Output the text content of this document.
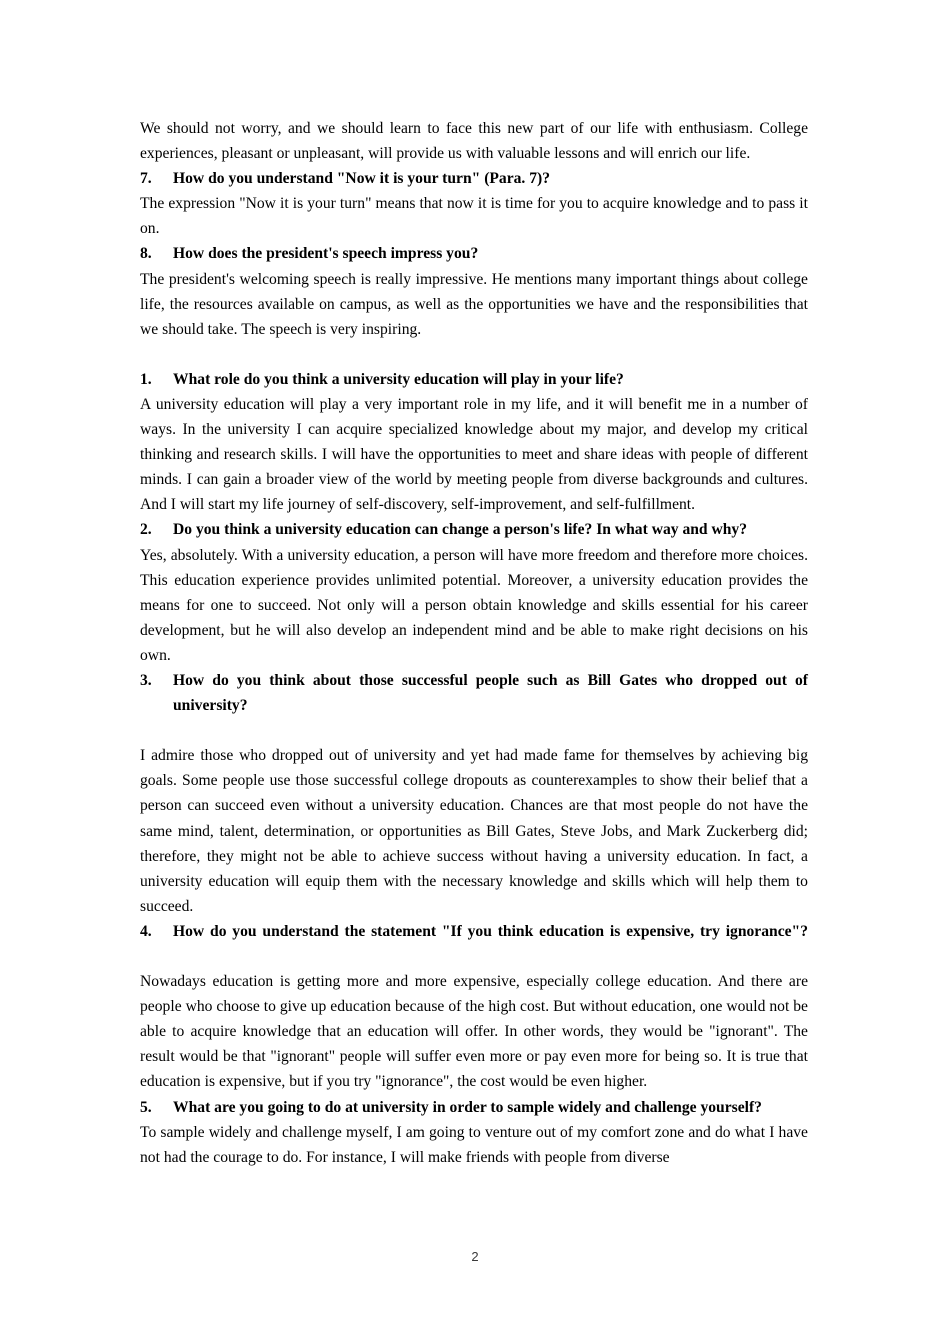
We should not worry, and we should learn to face this new part of our life with enthusiasm. College experiences, pleasant or unpleasant, will provide us with valuable lessons and will enrich our life.

7. How do you understand "Now it is your turn" (Para. 7)?

The expression "Now it is your turn" means that now it is time for you to acquire knowledge and to pass it on.

8. How does the president's speech impress you?

The president's welcoming speech is really impressive. He mentions many important things about college life, the resources available on campus, as well as the opportunities we have and the responsibilities that we should take. The speech is very inspiring.

1. What role do you think a university education will play in your life?

A university education will play a very important role in my life, and it will benefit me in a number of ways. In the university I can acquire specialized knowledge about my major, and develop my critical thinking and research skills. I will have the opportunities to meet and share ideas with people of different minds. I can gain a broader view of the world by meeting people from diverse backgrounds and cultures. And I will start my life journey of self-discovery, self-improvement, and self-fulfillment.

2. Do you think a university education can change a person's life? In what way and why?

Yes, absolutely. With a university education, a person will have more freedom and therefore more choices. This education experience provides unlimited potential. Moreover, a university education provides the means for one to succeed. Not only will a person obtain knowledge and skills essential for his career development, but he will also develop an independent mind and be able to make right decisions on his own.

3. How do you think about those successful people such as Bill Gates who dropped out of university?

I admire those who dropped out of university and yet had made fame for themselves by achieving big goals. Some people use those successful college dropouts as counterexamples to show their belief that a person can succeed even without a university education. Chances are that most people do not have the same mind, talent, determination, or opportunities as Bill Gates, Steve Jobs, and Mark Zuckerberg did; therefore, they might not be able to achieve success without having a university education. In fact, a university education will equip them with the necessary knowledge and skills which will help them to succeed.

4. How do you understand the statement "If you think education is expensive, try ignorance"?

Nowadays education is getting more and more expensive, especially college education. And there are people who choose to give up education because of the high cost. But without education, one would not be able to acquire knowledge that an education will offer. In other words, they would be "ignorant". The result would be that "ignorant" people will suffer even more or pay even more for being so. It is true that education is expensive, but if you try "ignorance", the cost would be even higher.

5. What are you going to do at university in order to sample widely and challenge yourself?

To sample widely and challenge myself, I am going to venture out of my comfort zone and do what I have not had the courage to do. For instance, I will make friends with people from diverse

2
